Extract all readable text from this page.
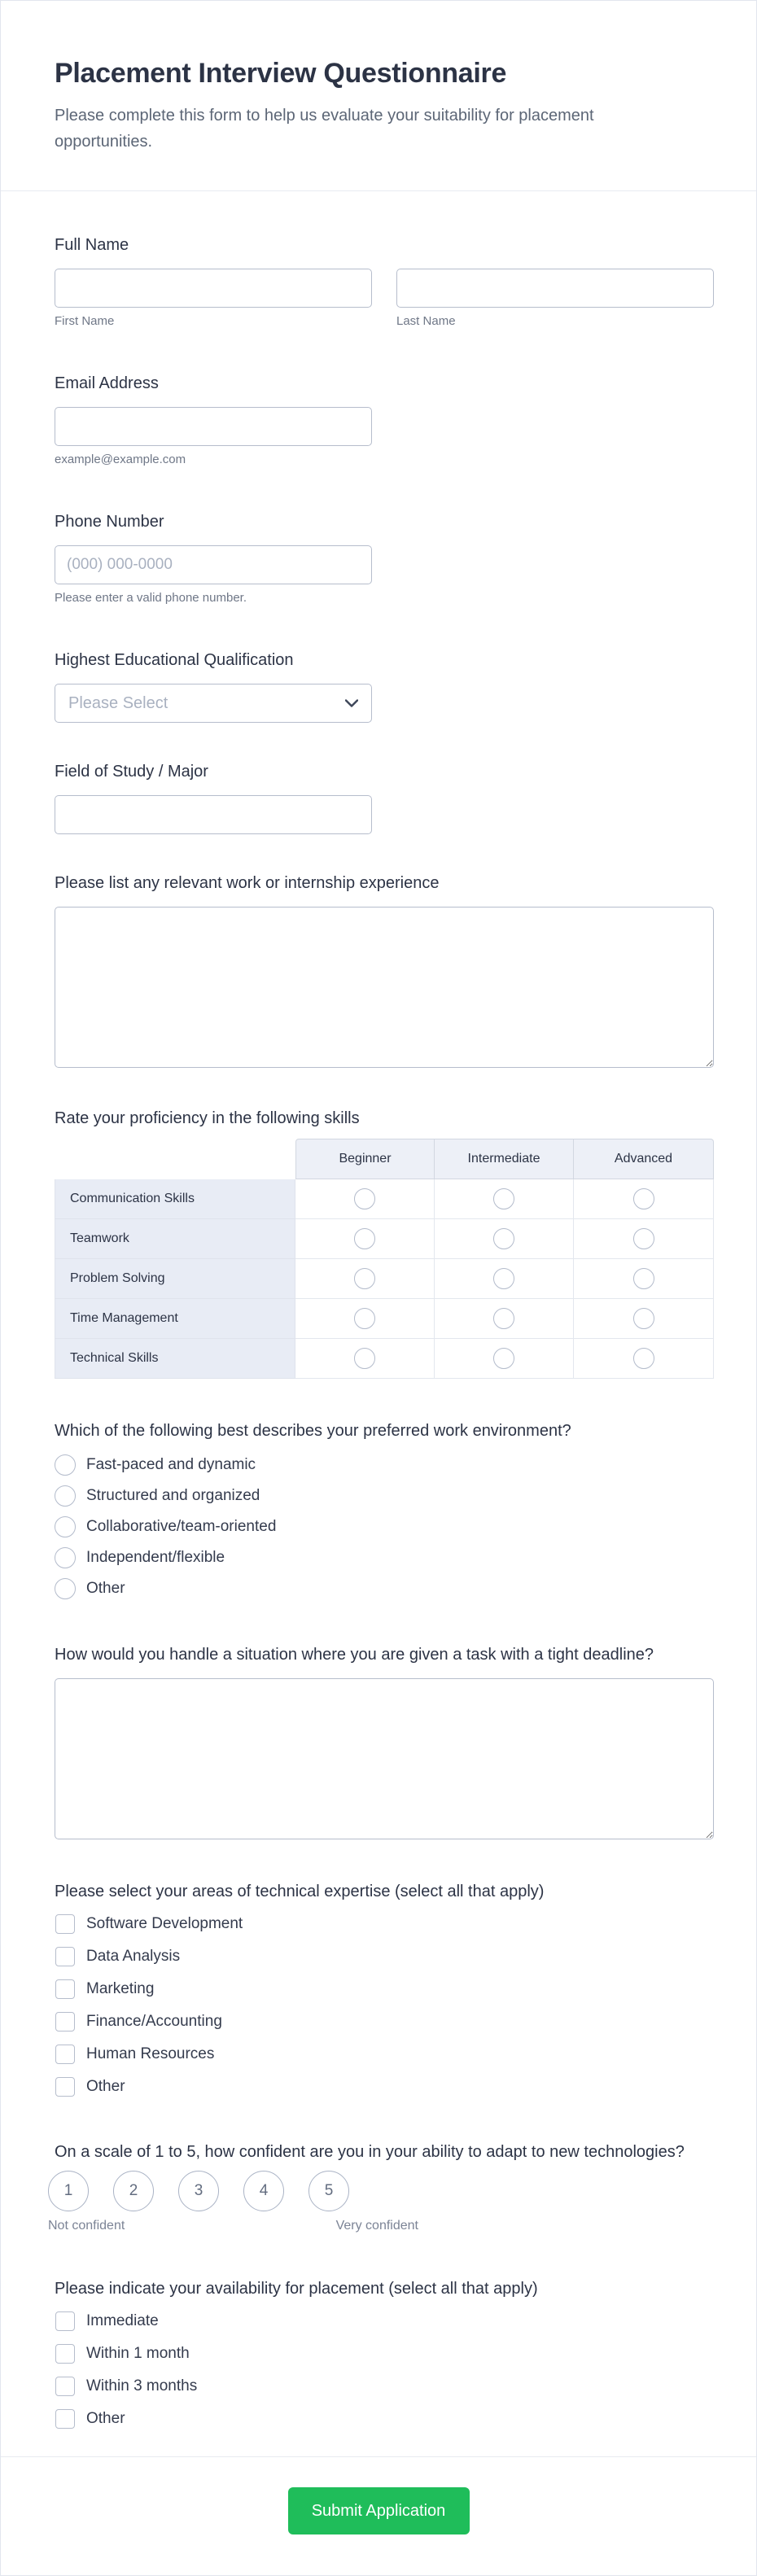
Placement Interview Questionnaire
Please complete this form to help us evaluate your suitability for placement opportunities.
Full Name
First Name	Last Name
Email Address
example@example.com
Phone Number
(000) 000-0000
Please enter a valid phone number.
Highest Educational Qualification
Please Select
Field of Study / Major
Please list any relevant work or internship experience
Rate your proficiency in the following skills
Beginner	Intermediate	Advanced
Communication Skills
Teamwork
Problem Solving
Time Management
Technical Skills
Which of the following best describes your preferred work environment?
Fast-paced and dynamic
Structured and organized
Collaborative/team-oriented
Independent/flexible
Other
How would you handle a situation where you are given a task with a tight deadline?
Please select your areas of technical expertise (select all that apply)
Software Development
Data Analysis
Marketing
Finance/Accounting
Human Resources
Other
On a scale of 1 to 5, how confident are you in your ability to adapt to new technologies?
1	2	3	4	5
Not confident	Very confident
Please indicate your availability for placement (select all that apply)
Immediate
Within 1 month
Within 3 months
Other
Submit Application
